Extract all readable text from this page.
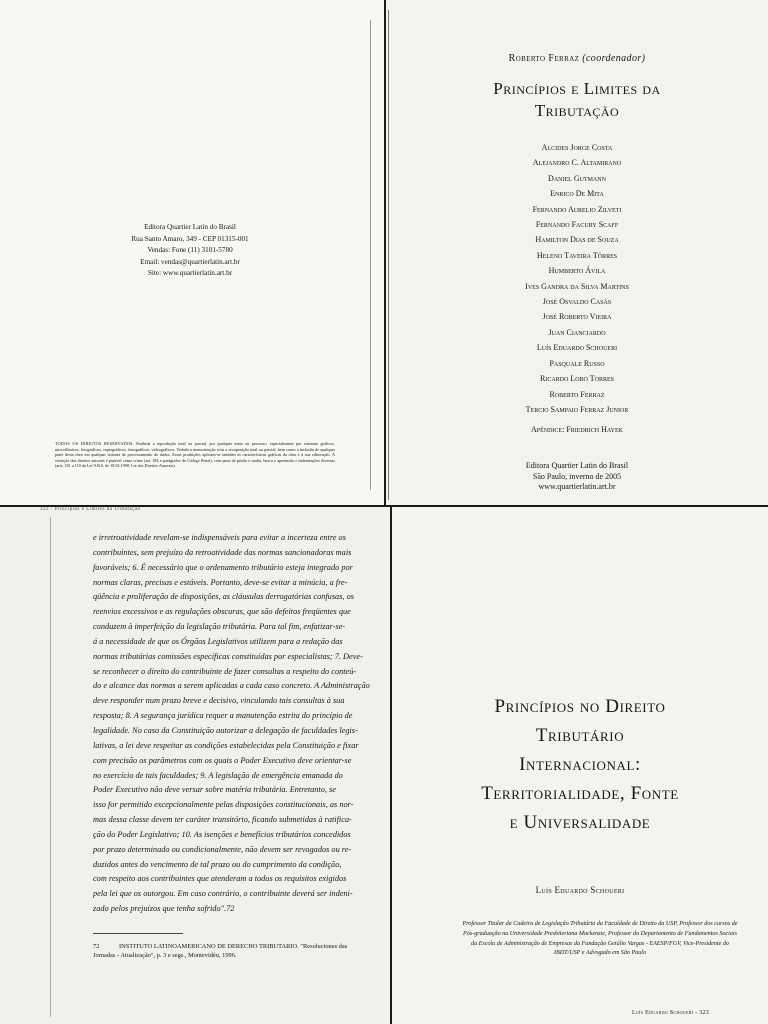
Editora Quartier Latin do Brasil
Rua Santo Amaro, 349 - CEP 01315-001
Vendas: Fone (11) 3101-5780
Email: vendas@quartierlatin.art.br
Site: www.quartierlatin.art.br
TODOS OS DIREITOS RESERVADOS. Proibida a reprodução total ou parcial, por qualquer meio ou processo, especialmente por sistemas gráficos, microfílmicos, fotográficos, reprográficos, fonográficos, videográficos. Vedada a memorização e/ou a recuperação total ou parcial, bem como a inclusão de qualquer parte desta obra em qualquer sistema de processamento de dados. Essas proibições aplicam-se também às características gráficas da obra e à sua editoração. A violação dos direitos autorais é punível como crime (art. 184 e parágrafos do Código Penal), com pena de prisão e multa, busca e apreensão e indenizações diversas (arts. 101 a 110 da Lei 9.610, de 19.02.1998, Lei dos Direitos Autorais).
Roberto Ferraz (coordenador)
Princípios e Limites da
Tributação
Alcides Jorge Costa
Alejandro C. Altamirano
Daniel Gutmann
Enrico De Mita
Fernando Aurelio Zilveti
Fernando Facury Scaff
Hamilton Dias de Souza
Heleno Taveira Tôrres
Humberto Ávila
Ives Gandra da Silva Martins
José Osvaldo Casás
José Roberto Vieira
Juan Cianciardo
Luís Eduardo Schoueri
Pasquale Russo
Ricardo Lobo Torres
Roberto Ferraz
Tercio Sampaio Ferraz Junior
Apêndice: Friedrich Hayek
Editora Quartier Latin do Brasil
São Paulo, inverno de 2005
www.quartierlatin.art.br
322 - Princípios e Limites da Tributação
e irretroatividade revelam-se indispensáveis para evitar a incerteza entre os
contribuintes, sem prejuízo da retroatividade das normas sancionadoras mais
favoráveis; 6. É necessário que o ordenamento tributário esteja integrado por
normas claras, precisas e estáveis. Portanto, deve-se evitar a minúcia, a fre-
qüência e proliferação de disposições, as cláusulas derrogatórias confusas, os
reenvios excessivos e as regulações obscuras, que são defeitos freqüentes que
conduzem à imperfeição da legislação tributária. Para tal fim, enfatizar-se-
á a necessidade de que os Órgãos Legislativos utilizem para a redação das
normas tributárias comissões específicas constituídas por especialistas; 7. Deve-
se reconhecer o direito do contribuinte de fazer consultas a respeito do conteú-
do e alcance das normas a serem aplicadas a cada caso concreto. A Administração
deve responder num prazo breve e decisivo, vinculando tais consultas à sua
resposta; 8. A segurança jurídica requer a manutenção estrita do princípio de
legalidade. No caso da Constituição autorizar a delegação de faculdades legis-
lativas, a lei deve respeitar as condições estabelecidas pela Constituição e fixar
com precisão os parâmetros com os quais o Poder Executivo deve orientar-se
no exercício de tais faculdades; 9. A legislação de emergência emanada do
Poder Executivo não deve versar sobre matéria tributária. Entretanto, se
isso for permitido excepcionalmente pelas disposições constitucionais, as nor-
mas dessa classe devem ter caráter transitório, ficando submetidas à ratifica-
ção do Poder Legislativo; 10. As isenções e benefícios tributários concedidos
por prazo determinado ou condicionalmente, não devem ser revogados ou re-
duzidos antes do vencimento de tal prazo ou do cumprimento da condição,
com respeito aos contribuintes que atenderam a todos os requisitos exigidos
pela lei que os outorgou. Em caso contrário, o contribuinte deverá ser indeni-
zado pelos prejuízos que tenha sofrido".72
72	INSTITUTO LATINOAMERICANO DE DERECHO TRIBUTARIO. "Resoluciones das Jornadas - Atualização", p. 3 e segs., Montevidéu, 1996.
Princípios no Direito
Tributário
Internacional:
Territorialidade, Fonte
e Universalidade
Luís Eduardo Schoueri
Professor Titular da Cadeira de Legislação Tributária da Faculdade de Direito da USP, Professor dos cursos de Pós-graduação na Universidade Presbiteriana Mackenzie, Professor do Departamento de Fundamentos Sociais da Escola de Administração de Empresas da Fundação Getúlio Vargas - EAESP/FGV, Vice-Presidente do IBDT/USP e Advogado em São Paulo
Luís Eduardo Schoueri - 323
